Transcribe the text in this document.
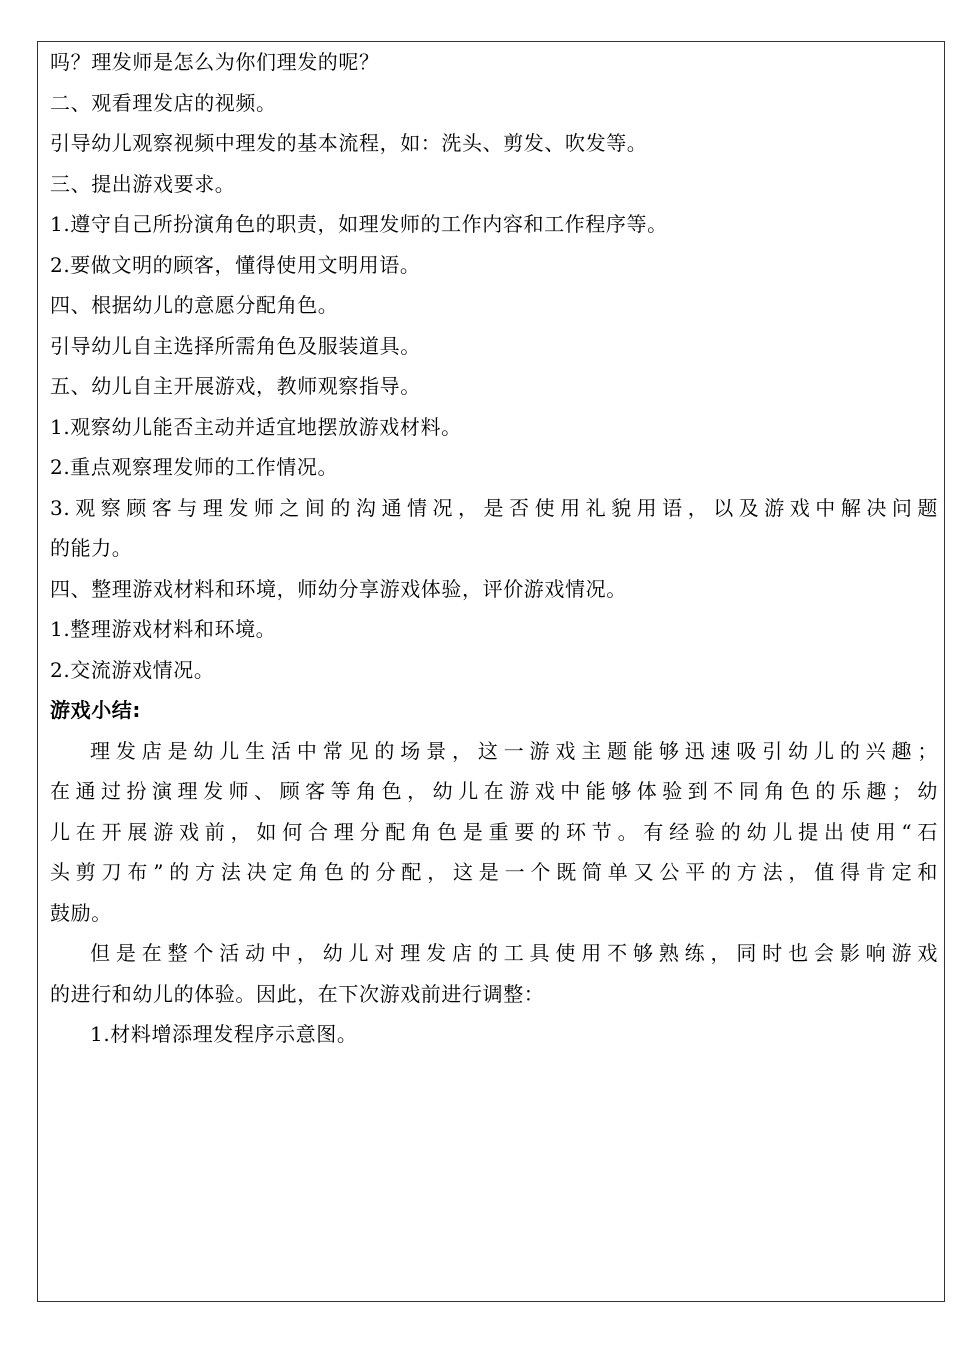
吗？理发师是怎么为你们理发的呢？
二、观看理发店的视频。
引导幼儿观察视频中理发的基本流程，如：洗头、剪发、吹发等。
三、提出游戏要求。
1.遵守自己所扮演角色的职责，如理发师的工作内容和工作程序等。
2.要做文明的顾客，懂得使用文明用语。
四、根据幼儿的意愿分配角色。
引导幼儿自主选择所需角色及服装道具。
五、幼儿自主开展游戏，教师观察指导。
1.观察幼儿能否主动并适宜地摆放游戏材料。
2.重点观察理发师的工作情况。
3.观察顾客与理发师之间的沟通情况，是否使用礼貌用语，以及游戏中解决问题
的能力。
四、整理游戏材料和环境，师幼分享游戏体验，评价游戏情况。
1.整理游戏材料和环境。
2.交流游戏情况。
游戏小结:
理发店是幼儿生活中常见的场景，这一游戏主题能够迅速吸引幼儿的兴趣；
在通过扮演理发师、顾客等角色，幼儿在游戏中能够体验到不同角色的乐趣；幼
儿在开展游戏前，如何合理分配角色是重要的环节。有经验的幼儿提出使用“石
头剪刀布”的方法决定角色的分配，这是一个既简单又公平的方法，值得肯定和
鼓励。
但是在整个活动中，幼儿对理发店的工具使用不够熟练，同时也会影响游戏
的进行和幼儿的体验。因此，在下次游戏前进行调整：
1.材料增添理发程序示意图。
